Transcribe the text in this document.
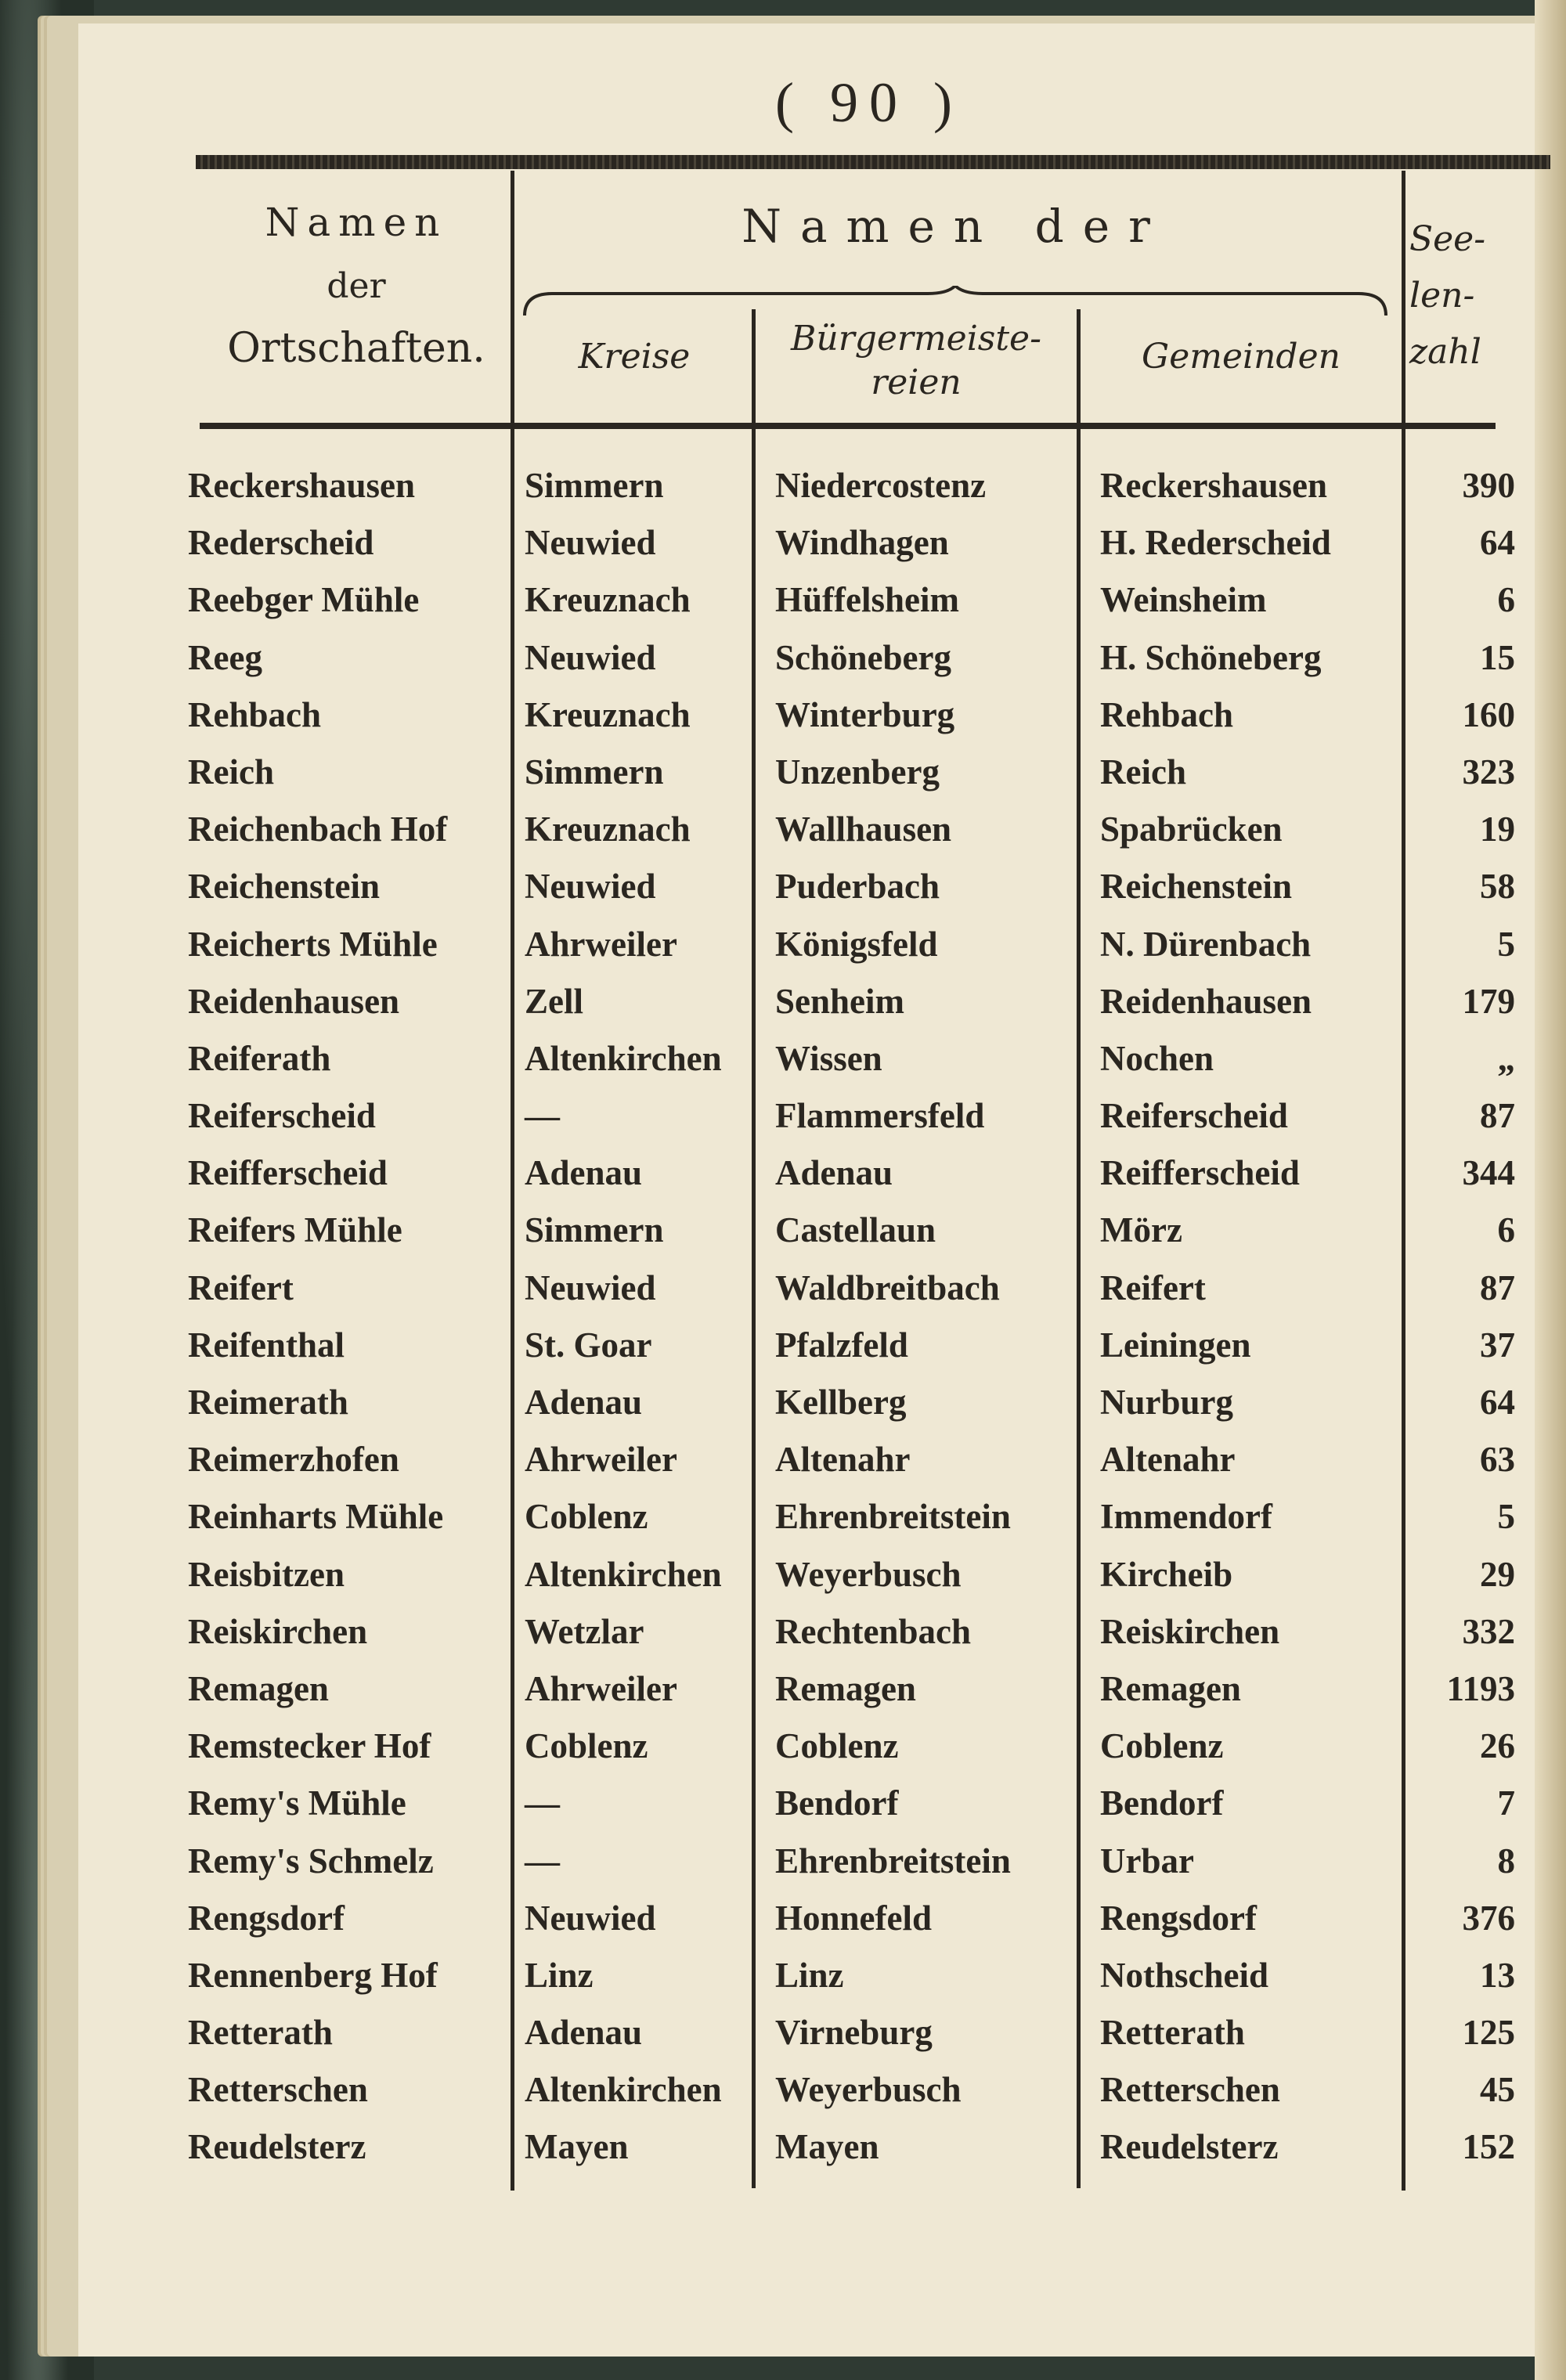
( 90 )
Namen
der
Ortschaften.
Namen der
Kreise	Bürgermeiste-reien
Gemeinden
See-len-zahl
Reckershausen	Simmern	Niedercostenz	Reckershausen	390
Rederscheid	Neuwied	Windhagen	H. Rederscheid	64
Reebger Mühle	Kreuznach	Hüffelsheim	Weinsheim	6
Reeg	Neuwied	Schöneberg	H. Schöneberg	15
Rehbach	Kreuznach	Winterburg	Rehbach	160
Reich	Simmern	Unzenberg	Reich	323
Reichenbach Hof	Kreuznach	Wallhausen	Spabrücken	19
Reichenstein	Neuwied	Puderbach	Reichenstein	58
Reicherts Mühle	Ahrweiler	Königsfeld	N. Dürenbach	5
Reidenhausen	Zell	Senheim	Reidenhausen	179
Reiferath	Altenkirchen	Wissen	Nochen	„
Reiferscheid	—	Flammersfeld	Reiferscheid	87
Reifferscheid	Adenau	Adenau	Reifferscheid	344
Reifers Mühle	Simmern	Castellaun	Mörz	6
Reifert	Neuwied	Waldbreitbach	Reifert	87
Reifenthal	St. Goar	Pfalzfeld	Leiningen	37
Reimerath	Adenau	Kellberg	Nurburg	64
Reimerzhofen	Ahrweiler	Altenahr	Altenahr	63
Reinharts Mühle	Coblenz	Ehrenbreitstein	Immendorf	5
Reisbitzen	Altenkirchen	Weyerbusch	Kircheib	29
Reiskirchen	Wetzlar	Rechtenbach	Reiskirchen	332
Remagen	Ahrweiler	Remagen	Remagen	1193
Remstecker Hof	Coblenz	Coblenz	Coblenz	26
Remy's Mühle	—	Bendorf	Bendorf	7
Remy's Schmelz	—	Ehrenbreitstein	Urbar	8
Rengsdorf	Neuwied	Honnefeld	Rengsdorf	376
Rennenberg Hof	Linz	Linz	Nothscheid	13
Retterath	Adenau	Virneburg	Retterath	125
Retterschen	Altenkirchen	Weyerbusch	Retterschen	45
Reudelsterz	Mayen	Mayen	Reudelsterz	152
